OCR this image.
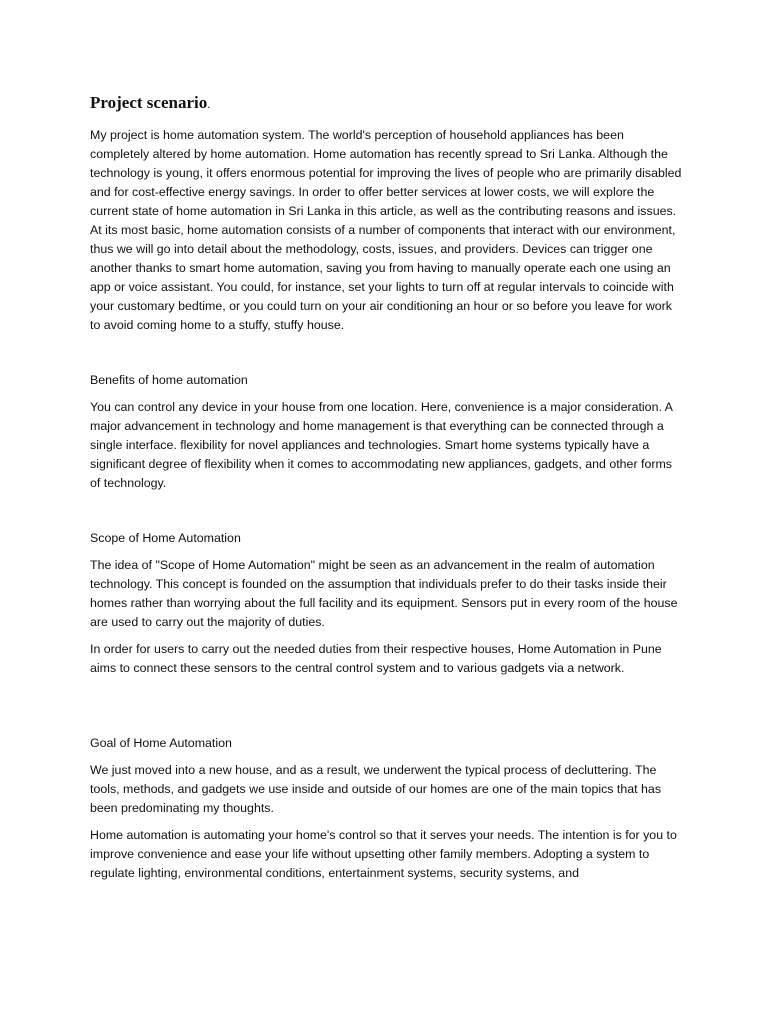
Project scenario.

My project is home automation system. The world's perception of household appliances has been completely altered by home automation. Home automation has recently spread to Sri Lanka. Although the technology is young, it offers enormous potential for improving the lives of people who are primarily disabled and for cost-effective energy savings. In order to offer better services at lower costs, we will explore the current state of home automation in Sri Lanka in this article, as well as the contributing reasons and issues. At its most basic, home automation consists of a number of components that interact with our environment, thus we will go into detail about the methodology, costs, issues, and providers. Devices can trigger one another thanks to smart home automation, saving you from having to manually operate each one using an app or voice assistant. You could, for instance, set your lights to turn off at regular intervals to coincide with your customary bedtime, or you could turn on your air conditioning an hour or so before you leave for work to avoid coming home to a stuffy, stuffy house.

Benefits of home automation

You can control any device in your house from one location. Here, convenience is a major consideration. A major advancement in technology and home management is that everything can be connected through a single interface. flexibility for novel appliances and technologies. Smart home systems typically have a significant degree of flexibility when it comes to accommodating new appliances, gadgets, and other forms of technology.

Scope of Home Automation

The idea of "Scope of Home Automation" might be seen as an advancement in the realm of automation technology. This concept is founded on the assumption that individuals prefer to do their tasks inside their homes rather than worrying about the full facility and its equipment. Sensors put in every room of the house are used to carry out the majority of duties.

In order for users to carry out the needed duties from their respective houses, Home Automation in Pune aims to connect these sensors to the central control system and to various gadgets via a network.

Goal of Home Automation

We just moved into a new house, and as a result, we underwent the typical process of decluttering. The tools, methods, and gadgets we use inside and outside of our homes are one of the main topics that has been predominating my thoughts.

Home automation is automating your home's control so that it serves your needs. The intention is for you to improve convenience and ease your life without upsetting other family members. Adopting a system to regulate lighting, environmental conditions, entertainment systems, security systems, and
